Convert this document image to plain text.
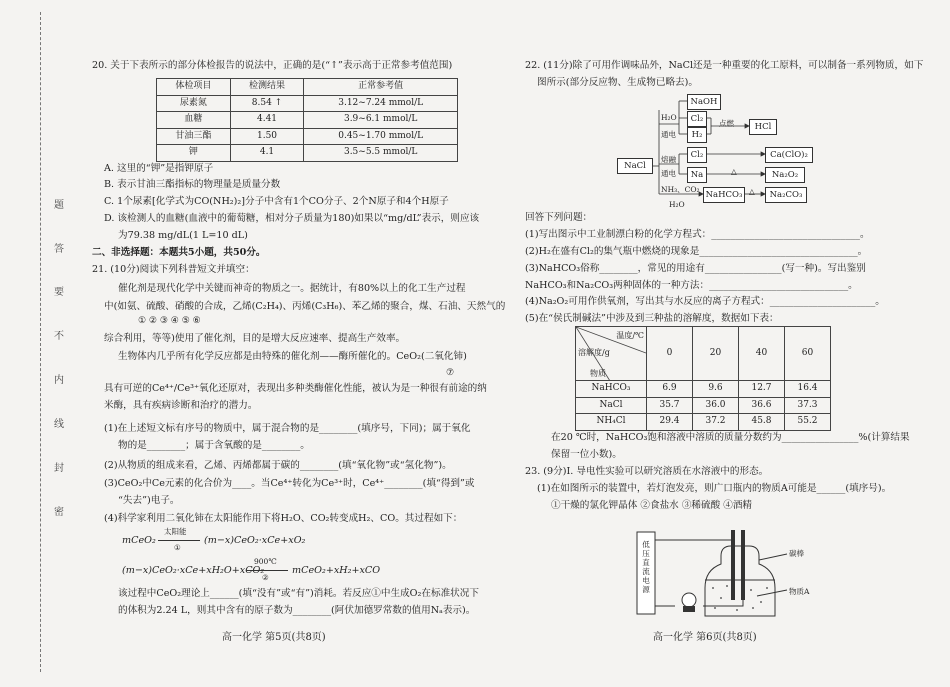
题
答
要
不
内
线
封
密
20. 关于下表所示的部分体检报告的说法中，正确的是(“↑”表示高于正常参考值范围)
体检项目	检测结果	正常参考值
尿素氮	8.54 ↑	3.12~7.24 mmol/L
血糖	4.41	3.9~6.1 mmol/L
甘油三酯	1.50	0.45~1.70 mmol/L
钾	4.1	3.5~5.5 mmol/L
A. 这里的“钾”是指钾原子
B. 表示甘油三酯指标的物理量是质量分数
C. 1个尿素[化学式为CO(NH₂)₂]分子中含有1个CO分子、2个N原子和4个H原子
D. 该检测人的血糖(血液中的葡萄糖，相对分子质量为180)如果以“mg/dL”表示，则应该
为79.38 mg/dL(1 L=10 dL)
二、非选择题：本题共5小题，共50分。
21. (10分)阅读下列科普短文并填空：
催化剂是现代化学中关键而神奇的物质之一。据统计，有80%以上的化工生产过程
中(如氨、硫酸、硝酸的合成，乙烯(C₂H₄)、丙烯(C₃H₆)、苯乙烯的聚合，煤、石油、天然气的
① ② ③ ④ ⑤ ⑥
综合利用，等等)使用了催化剂，目的是增大反应速率、提高生产效率。
生物体内几乎所有化学反应都是由特殊的催化剂——酶所催化的。CeO₂(二氧化铈)
⑦
具有可逆的Ce⁴⁺/Ce³⁺氧化还原对，表现出多种类酶催化性能，被认为是一种很有前途的纳
米酶，具有疾病诊断和治疗的潜力。
(1)在上述短文标有序号的物质中，属于混合物的是________(填序号，下同)；属于氧化
物的是________；属于含氧酸的是________。
(2)从物质的组成来看，乙烯、丙烯都属于碳的________(填“氧化物”或“氢化物”)。
(3)CeO₂中Ce元素的化合价为____。当Ce⁴⁺转化为Ce³⁺时，Ce⁴⁺________(填“得到”或
“失去”)电子。
(4)科学家利用二氧化铈在太阳能作用下将H₂O、CO₂转变成H₂、CO。其过程如下：
mCeO₂
太阳能
①
(m−x)CeO₂·xCe+xO₂
(m−x)CeO₂·xCe+xH₂O+xCO₂
900℃
②
mCeO₂+xH₂+xCO
该过程中CeO₂理论上______(填“没有”或“有”)消耗。若反应①中生成O₂在标准状况下
的体积为2.24 L，则其中含有的原子数为________(阿伏加德罗常数的值用Nₐ表示)。
高一化学 第5页(共8页)
22. (11分)除了可用作调味品外，NaCl还是一种重要的化工原料，可以制备一系列物质，如下
图所示(部分反应物、生成物已略去)。
NaCl
H₂O
通电
NaOH
Cl₂
H₂
点燃	HCl
熔融
通电
Cl₂	Ca(ClO)₂
Na	△	Na₂O₂
NH₃、CO₂
H₂O
NaHCO₃ △	Na₂CO₃
回答下列问题：
(1)写出图示中工业制漂白粉的化学方程式：_______________________________。
(2)H₂在盛有Cl₂的集气瓶中燃烧的现象是_________________________________。
(3)NaHCO₃俗称________，常见的用途有________________(写一种)。写出鉴别
NaHCO₃和Na₂CO₃两种固体的一种方法：_____________________________。
(4)Na₂O₂可用作供氧剂，写出其与水反应的离子方程式：______________________。
(5)在“侯氏制碱法”中涉及到三种盐的溶解度，数据如下表：
温度/℃
溶解度/g
物质	0	20	40	60
NaHCO₃	6.9	9.6	12.7	16.4
NaCl	35.7	36.0	36.6	37.3
NH₄Cl	29.4	37.2	45.8	55.2
在20 ℃时，NaHCO₃饱和溶液中溶质的质量分数约为________________%(计算结果
保留一位小数)。
23. (9分)I. 导电性实验可以研究溶质在水溶液中的形态。
(1)在如图所示的装置中，若灯泡发亮，则广口瓶内的物质A可能是______(填序号)。
①干燥的氯化钾晶体 ②食盐水 ③稀硫酸 ④酒精
低压直流电源
碳棒
物质A
高一化学 第6页(共8页)
